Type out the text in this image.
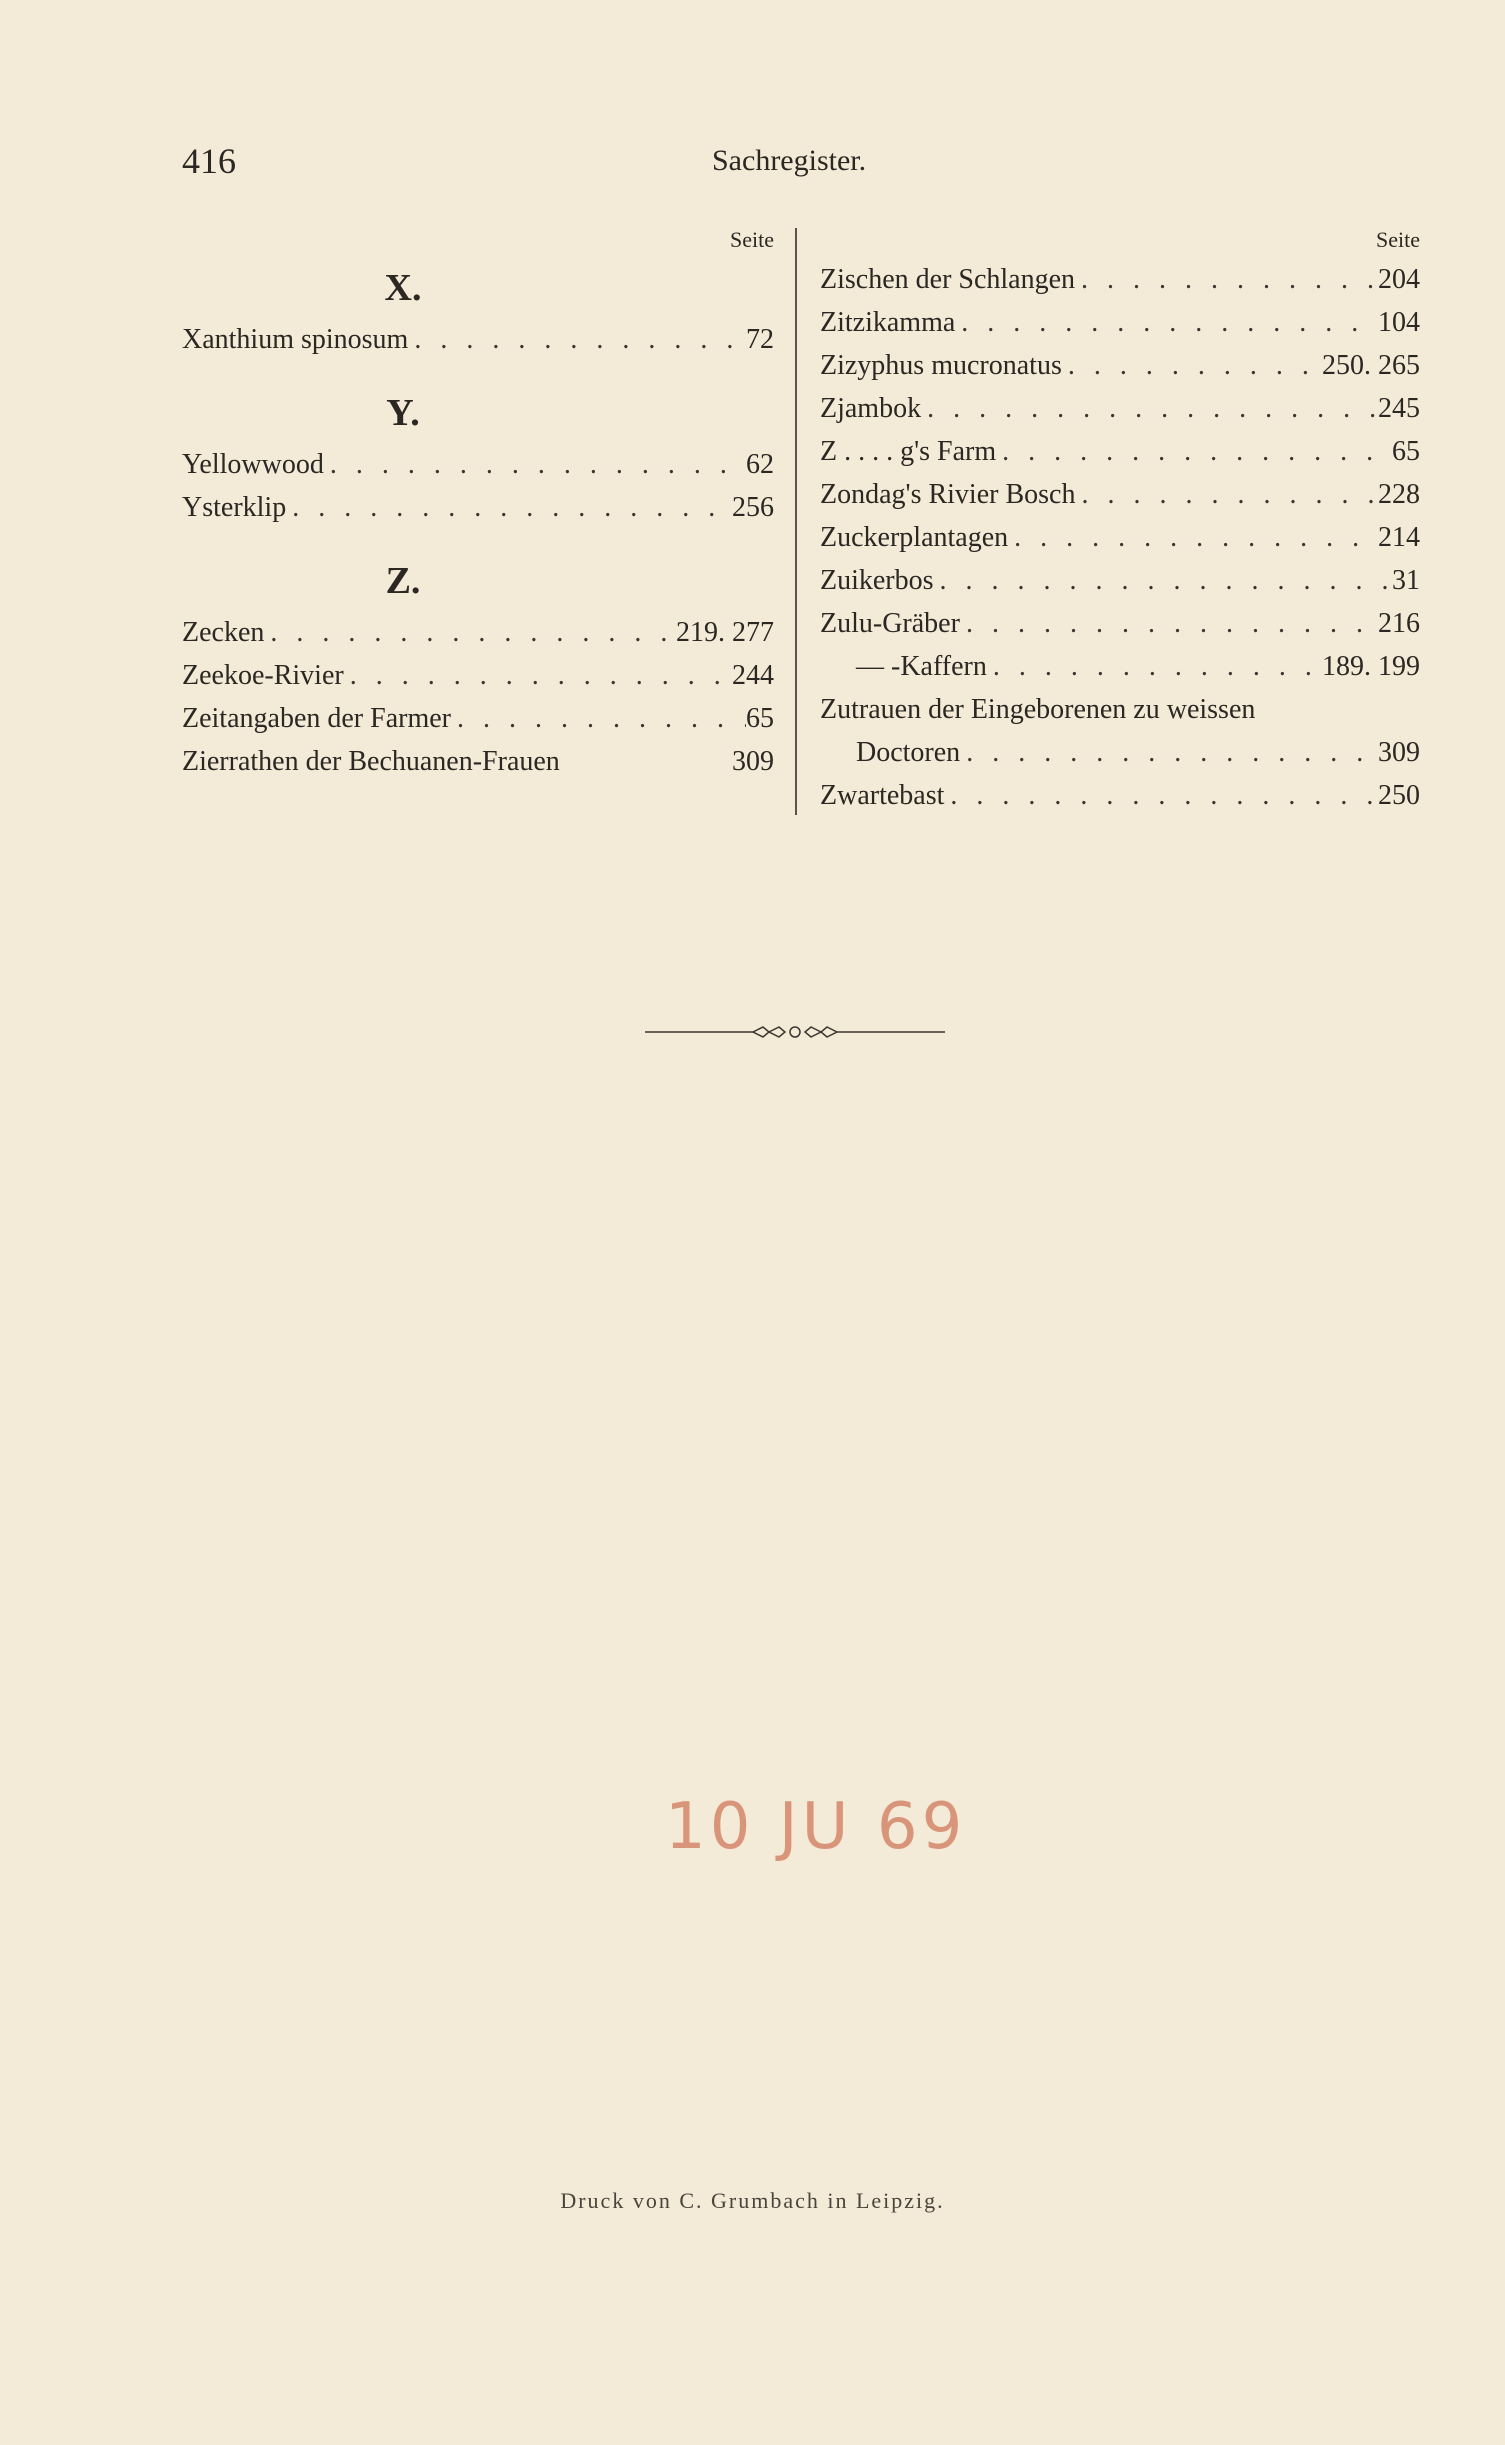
416	Sachregister.
Seite
X.
Xanthium spinosum . . .	72
Y.
Yellowwood . . .	62
Ysterklip . . .	256
Z.
Zecken . . .	219. 277
Zeekoe-Rivier . . .	244
Zeitangaben der Farmer . . .	65
Zierrathen der Bechuanen-Frauen	309
Seite
Zischen der Schlangen . . .	204
Zitzikamma . . .	104
Zizyphus mucronatus . . .	250. 265
Zjambok . . .	245
Z . . . . g's Farm . . .	65
Zondag's Rivier Bosch . . .	228
Zuckerplantagen . . .	214
Zuikerbos . . .	31
Zulu-Gräber . . .	216
— -Kaffern . . .	189. 199
Zutrauen der Eingeborenen zu weissen
Doctoren . . .	309
Zwartebast . . .	250
10 JU 69
Druck von C. Grumbach in Leipzig.
